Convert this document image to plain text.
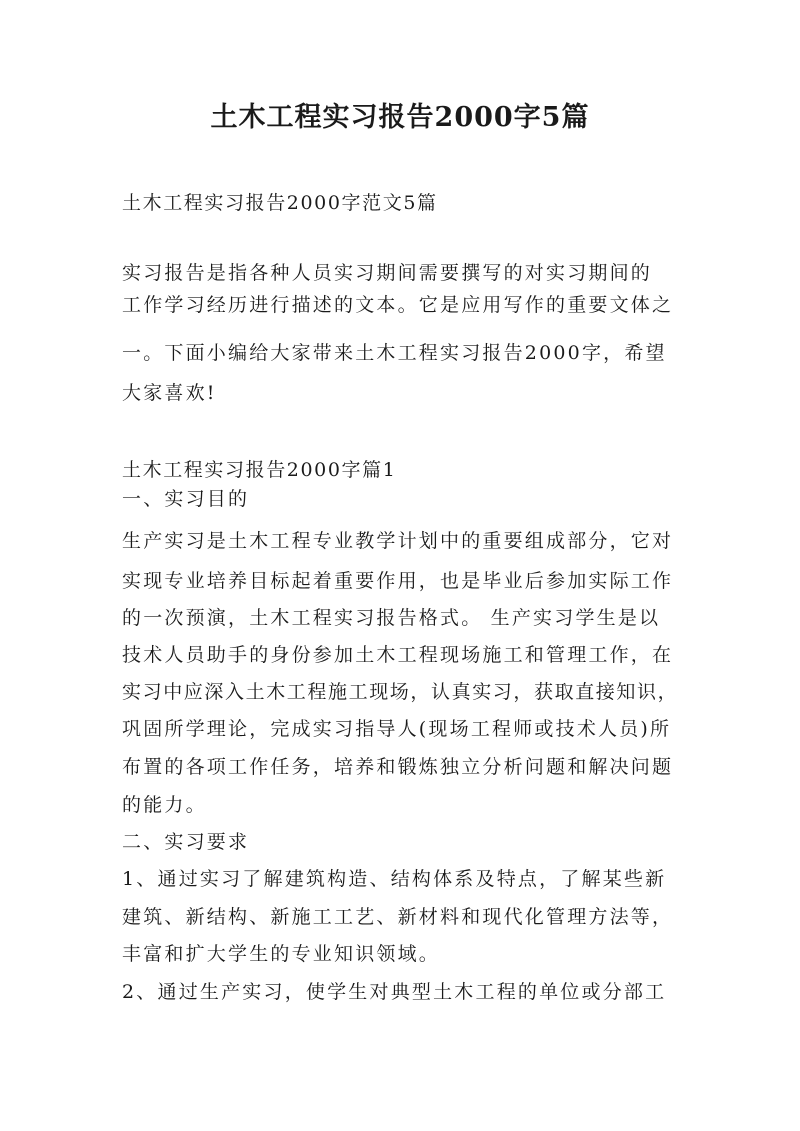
土木工程实习报告2000字5篇

土木工程实习报告2000字范文5篇

实习报告是指各种人员实习期间需要撰写的对实习期间的

工作学习经历进行描述的文本。它是应用写作的重要文体之

一。下面小编给大家带来土木工程实习报告2000字，希望

大家喜欢!

土木工程实习报告2000字篇1

一、实习目的

生产实习是土木工程专业教学计划中的重要组成部分，它对

实现专业培养目标起着重要作用，也是毕业后参加实际工作

的一次预演，土木工程实习报告格式。 生产实习学生是以

技术人员助手的身份参加土木工程现场施工和管理工作，在

实习中应深入土木工程施工现场，认真实习，获取直接知识，

巩固所学理论，完成实习指导人(现场工程师或技术人员)所

布置的各项工作任务，培养和锻炼独立分析问题和解决问题

的能力。

二、实习要求

1、通过实习了解建筑构造、结构体系及特点，了解某些新

建筑、新结构、新施工工艺、新材料和现代化管理方法等，

丰富和扩大学生的专业知识领域。

2、通过生产实习，使学生对典型土木工程的单位或分部工
